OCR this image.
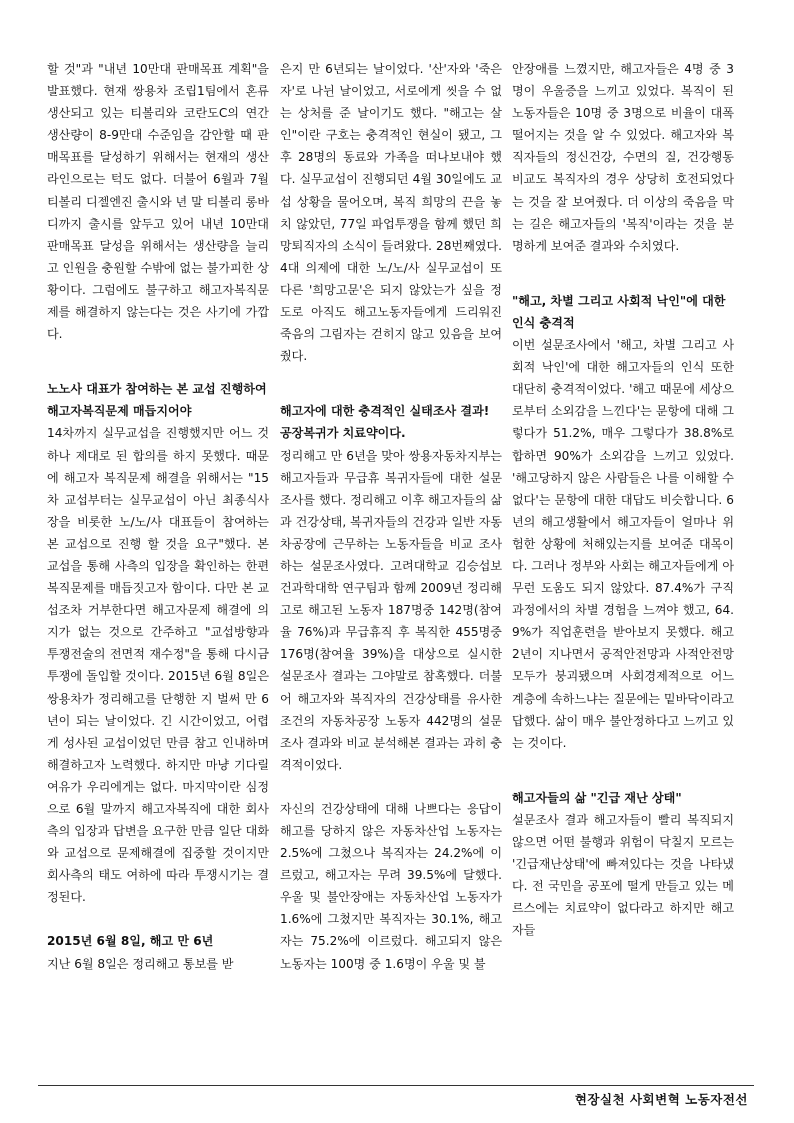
할 것"과 "내년 10만대 판매목표 계획"을 발표했다. 현재 쌍용차 조립1팀에서 혼류 생산되고 있는 티볼리와 코란도C의 연간 생산량이 8-9만대 수준임을 감안할 때 판매목표를 달성하기 위해서는 현재의 생산라인으로는 턱도 없다. 더불어 6월과 7월 티볼리 디젤엔진 출시와 년 말 티볼리 롱바디까지 출시를 앞두고 있어 내년 10만대 판매목표 달성을 위해서는 생산량을 늘리고 인원을 충원할 수밖에 없는 불가피한 상황이다. 그럼에도 불구하고 해고자복직문제를 해결하지 않는다는 것은 사기에 가깝다.

노노사 대표가 참여하는 본 교섭 진행하여 해고자복직문제 매듭지어야

14차까지 실무교섭을 진행했지만 어느 것 하나 제대로 된 합의를 하지 못했다. 때문에 해고자 복직문제 해결을 위해서는 "15차 교섭부터는 실무교섭이 아닌 최종식사장을 비롯한 노/노/사 대표들이 참여하는 본 교섭으로 진행 할 것을 요구"했다. 본 교섭을 통해 사측의 입장을 확인하는 한편 복직문제를 매듭짓고자 함이다. 다만 본 교섭조차 거부한다면 해고자문제 해결에 의지가 없는 것으로 간주하고 "교섭방향과 투쟁전술의 전면적 재수정"을 통해 다시금 투쟁에 돌입할 것이다. 2015년 6월 8일은 쌍용차가 정리해고를 단행한 지 벌써 만 6년이 되는 날이었다. 긴 시간이었고, 어렵게 성사된 교섭이었던 만큼 참고 인내하며 해결하고자 노력했다. 하지만 마냥 기다릴 여유가 우리에게는 없다. 마지막이란 심정으로 6월 말까지 해고자복직에 대한 회사측의 입장과 답변을 요구한 만큼 일단 대화와 교섭으로 문제해결에 집중할 것이지만 회사측의 태도 여하에 따라 투쟁시기는 결정된다.

2015년 6월 8일, 해고 만 6년

지난 6월 8일은 정리해고 통보를 받

은지 만 6년되는 날이었다. '산'자와 '죽은 자'로 나뉜 날이었고, 서로에게 씻을 수 없는 상처를 준 날이기도 했다. "해고는 살인"이란 구호는 충격적인 현실이 됐고, 그 후 28명의 동료와 가족을 떠나보내야 했다. 실무교섭이 진행되던 4월 30일에도 교섭 상황을 물어오며, 복직 희망의 끈을 놓치 않았던, 77일 파업투쟁을 함께 했던 희망퇴직자의 소식이 들려왔다. 28번째였다. 4대 의제에 대한 노/노/사 실무교섭이 또 다른 '희망고문'은 되지 않았는가 싶을 정도로 아직도 해고노동자들에게 드리워진 죽음의 그림자는 걷히지 않고 있음을 보여줬다.

해고자에 대한 충격적인 실태조사 결과! 공장복귀가 치료약이다.

정리해고 만 6년을 맞아 쌍용자동차지부는 해고자들과 무급휴 복귀자들에 대한 설문조사를 했다. 정리해고 이후 해고자들의 삶과 건강상태, 복귀자들의 건강과 일반 자동차공장에 근무하는 노동자들을 비교 조사하는 설문조사였다. 고려대학교 김승섭보건과학대학 연구팀과 함께 2009년 정리해고로 해고된 노동자 187명중 142명(참여율 76%)과 무급휴직 후 복직한 455명중 176명(참여율 39%)을 대상으로 실시한 설문조사 결과는 그야말로 참혹했다. 더불어 해고자와 복직자의 건강상태를 유사한 조건의 자동차공장 노동자 442명의 설문조사 결과와 비교 분석해본 결과는 과히 충격적이었다.

자신의 건강상태에 대해 나쁘다는 응답이 해고를 당하지 않은 자동차산업 노동자는 2.5%에 그쳤으나 복직자는 24.2%에 이르렀고, 해고자는 무려 39.5%에 달했다. 우울 및 불안장애는 자동차산업 노동자가 1.6%에 그쳤지만 복직자는 30.1%, 해고자는 75.2%에 이르렀다. 해고되지 않은 노동자는 100명 중 1.6명이 우울 및 불

안장애를 느꼈지만, 해고자들은 4명 중 3명이 우울증을 느끼고 있었다. 복직이 된 노동자들은 10명 중 3명으로 비율이 대폭 떨어지는 것을 알 수 있었다. 해고자와 복직자들의 정신건강, 수면의 질, 건강행동 비교도 복직자의 경우 상당히 호전되었다는 것을 잘 보여줬다. 더 이상의 죽음을 막는 길은 해고자들의 '복직'이라는 것을 분명하게 보여준 결과와 수치였다.

"해고, 차별 그리고 사회적 낙인"에 대한 인식 충격적

이번 설문조사에서 '해고, 차별 그리고 사회적 낙인'에 대한 해고자들의 인식 또한 대단히 충격적이었다. '해고 때문에 세상으로부터 소외감을 느낀다'는 문항에 대해 그렇다가 51.2%, 매우 그렇다가 38.8%로 합하면 90%가 소외감을 느끼고 있었다. '해고당하지 않은 사람들은 나를 이해할 수 없다'는 문항에 대한 대답도 비슷합니다. 6년의 해고생활에서 해고자들이 얼마나 위험한 상황에 처해있는지를 보여준 대목이다. 그러나 정부와 사회는 해고자들에게 아무런 도움도 되지 않았다. 87.4%가 구직 과정에서의 차별 경험을 느껴야 했고, 64.9%가 직업훈련을 받아보지 못했다. 해고 2년이 지나면서 공적안전망과 사적안전망 모두가 붕괴됐으며 사회경제적으로 어느 계층에 속하느냐는 질문에는 밑바닥이라고 답했다. 삶이 매우 불안정하다고 느끼고 있는 것이다.

해고자들의 삶 "긴급 재난 상태"

설문조사 결과 해고자들이 빨리 복직되지 않으면 어떤 불행과 위험이 닥칠지 모르는 '긴급재난상태'에 빠져있다는 것을 나타냈다. 전 국민을 공포에 떨게 만들고 있는 메르스에는 치료약이 없다라고 하지만 해고자들

현장실천 사회변혁 노동자전선
